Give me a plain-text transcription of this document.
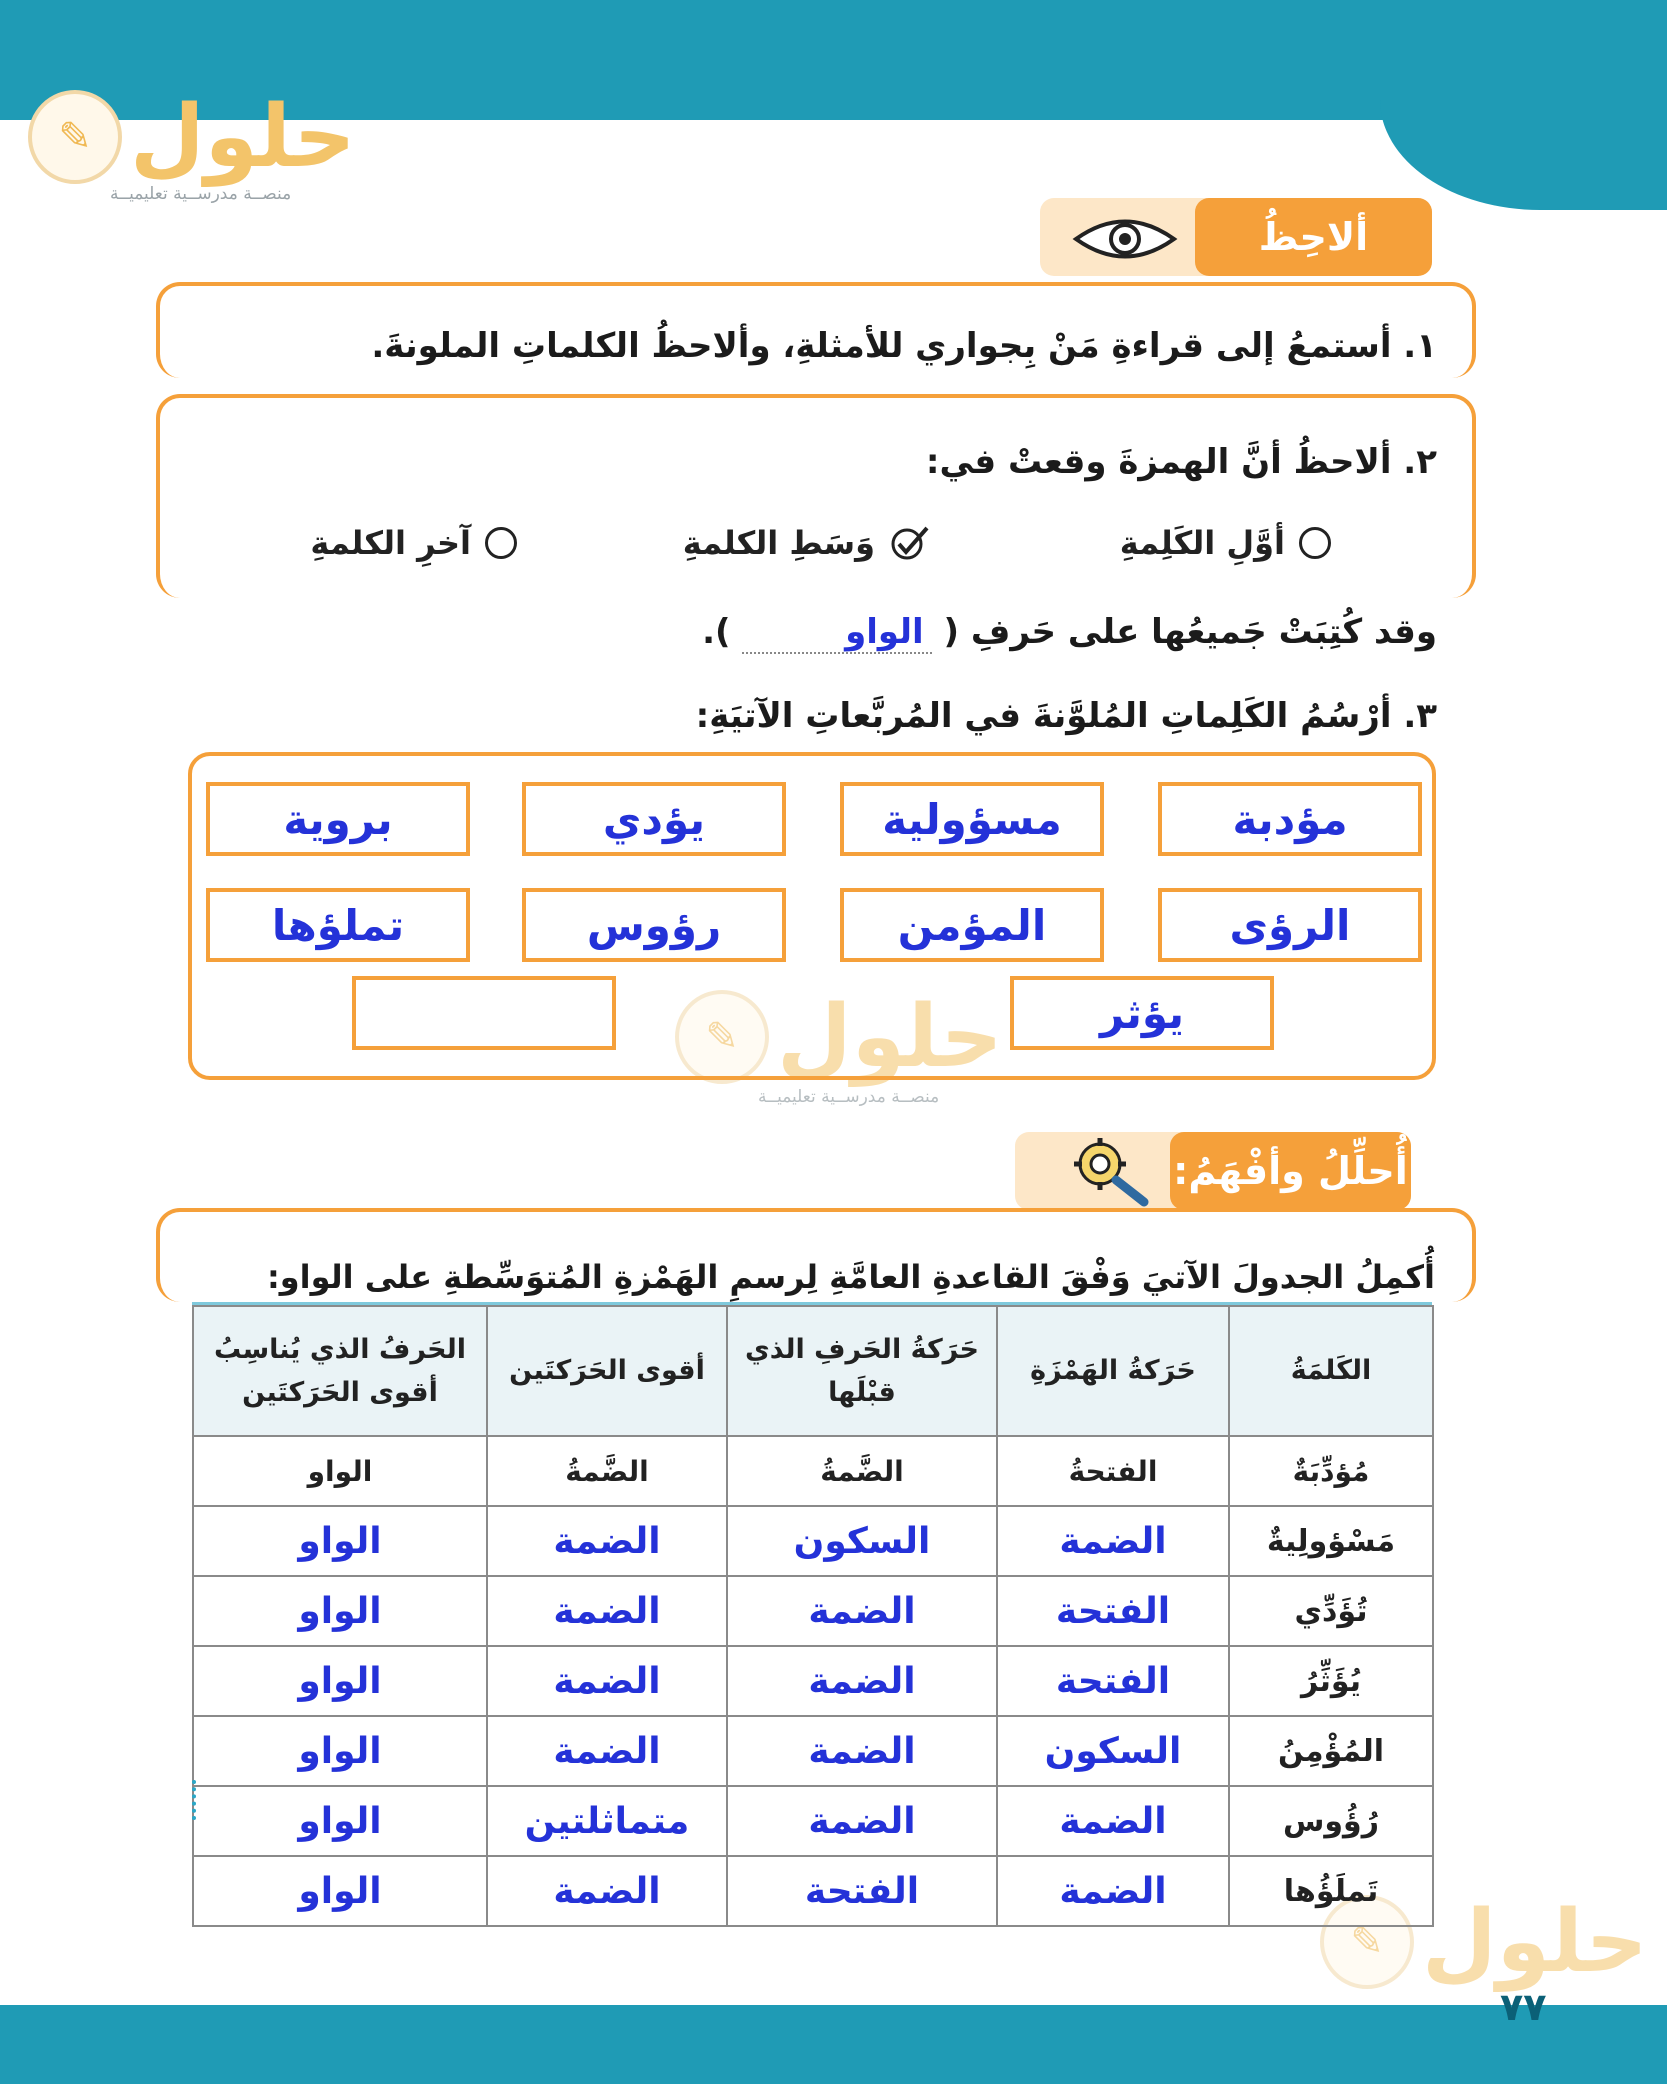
✎ حلول
منصــة مدرســية تعليميــة
✎ حلول
منصــة مدرســية تعليميــة
✎ حلول
ألاحِظُ
١. أستمعُ إلى قراءةِ مَنْ بِجواري للأمثلةِ، وألاحظُ الكلماتِ الملونةَ.
٢. ألاحظُ أنَّ الهمزةَ وقعتْ في:
أوَّلِ الكَلِمةِ
وَسَطِ الكلمةِ
آخرِ الكلمةِ
وقد كُتِبَتْ جَميعُها على حَرفِ ( الواو         ).
٣. أرْسُمُ الكَلِماتِ المُلوَّنةَ في المُربَّعاتِ الآتيَةِ:
مؤدبة
مسؤولية
يؤدي
بروية
الرؤى
المؤمن
رؤوس
تملؤها
يؤثر
أُحلِّلُ وأفْهَمُ:
أُكمِلُ الجدولَ الآتيَ وَفْقَ القاعدةِ العامَّةِ لِرسمِ الهَمْزةِ المُتوَسِّطةِ على الواو:
الكَلمَةُ	حَرَكةُ الهَمْزَةِ	حَرَكةُ الحَرفِ الذي قبْلَها	أقوى الحَرَكتَين	الحَرفُ الذي يُناسِبُ أقوى الحَرَكتَين
مُؤدِّبَةٌ	الفتحةُ	الضَّمةُ	الضَّمةُ	الواو
مَسْؤولِيةٌ	الضمة	السكون	الضمة	الواو
تُؤَدِّي	الفتحة	الضمة	الضمة	الواو
يُؤَثِّرُ	الفتحة	الضمة	الضمة	الواو
المُؤْمِنُ	السكون	الضمة	الضمة	الواو
رُؤُوس	الضمة	الضمة	متماثلتين	الواو
تَملَؤُها	الضمة	الفتحة	الضمة	الواو
٧٧
